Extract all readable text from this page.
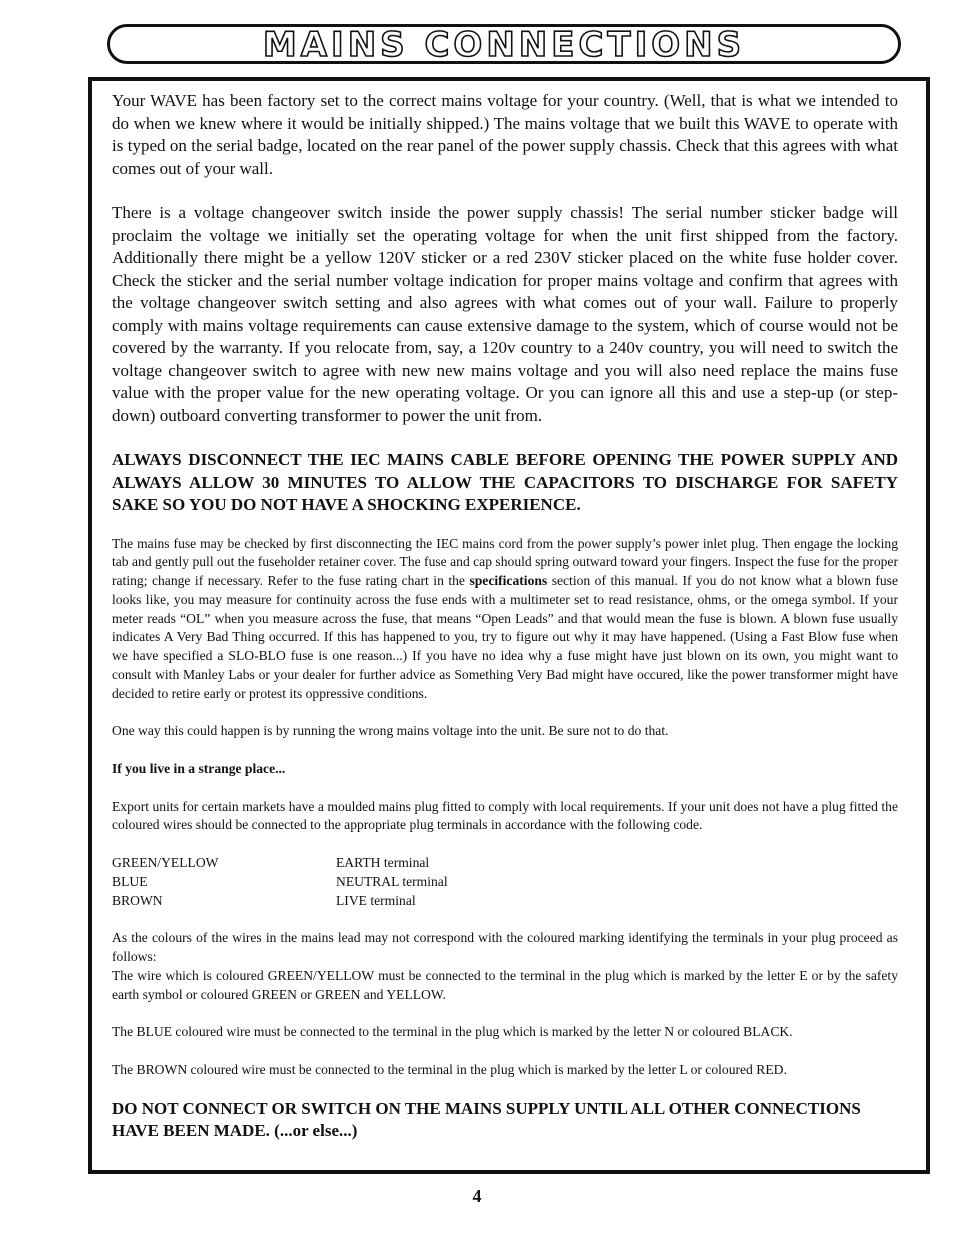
MAINS CONNECTIONS

Your WAVE has been factory set to the correct mains voltage for your country. (Well, that is what we intended to do when we knew where it would be initially shipped.) The mains voltage that we built this WAVE to operate with is typed on the serial badge, located on the rear panel of the power supply chassis. Check that this agrees with what comes out of your wall.

There is a voltage changeover switch inside the power supply chassis! The serial number sticker badge will proclaim the voltage we initially set the operating voltage for when the unit first shipped from the factory. Additionally there might be a yellow 120V sticker or a red 230V sticker placed on the white fuse holder cover. Check the sticker and the serial number voltage indication for proper mains voltage and confirm that agrees with the voltage changeover switch setting and also agrees with what comes out of your wall. Failure to properly comply with mains voltage requirements can cause extensive damage to the system, which of course would not be covered by the warranty. If you relocate from, say, a 120v country to a 240v country, you will need to switch the voltage changeover switch to agree with new new mains voltage and you will also need replace the mains fuse value with the proper value for the new operating voltage. Or you can ignore all this and use a step-up (or step-down) outboard converting transformer to power the unit from.

ALWAYS DISCONNECT THE IEC MAINS CABLE BEFORE OPENING THE POWER SUPPLY AND ALWAYS ALLOW 30 MINUTES TO ALLOW THE CAPACITORS TO DISCHARGE FOR SAFETY SAKE SO YOU DO NOT HAVE A SHOCKING EXPERIENCE.

The mains fuse may be checked by first disconnecting the IEC mains cord from the power supply’s power inlet plug. Then engage the locking tab and gently pull out the fuseholder retainer cover. The fuse and cap should spring outward toward your fingers. Inspect the fuse for the proper rating; change if necessary. Refer to the fuse rating chart in the specifications section of this manual. If you do not know what a blown fuse looks like, you may measure for continuity across the fuse ends with a multimeter set to read resistance, ohms, or the omega symbol. If your meter reads “OL” when you measure across the fuse, that means “Open Leads” and that would mean the fuse is blown. A blown fuse usually indicates A Very Bad Thing occurred. If this has happened to you, try to figure out why it may have happened. (Using a Fast Blow fuse when we have specified a SLO-BLO fuse is one reason...) If you have no idea why a fuse might have just blown on its own, you might want to consult with Manley Labs or your dealer for further advice as Something Very Bad might have occured, like the power transformer might have decided to retire early or protest its oppressive conditions.

One way this could happen is by running the wrong mains voltage into the unit. Be sure not to do that.

If you live in a strange place...

Export units for certain markets have a moulded mains plug fitted to comply with local requirements. If your unit does not have a plug fitted the coloured wires should be connected to the appropriate plug terminals in accordance with the following code.

GREEN/YELLOW	EARTH terminal
BLUE	NEUTRAL terminal
BROWN	LIVE terminal

As the colours of the wires in the mains lead may not correspond with the coloured marking identifying the terminals in your plug proceed as follows:

The wire which is coloured GREEN/YELLOW must be connected to the terminal in the plug which is marked by the letter E or by the safety earth symbol or coloured GREEN or GREEN and YELLOW.

The BLUE coloured wire must be connected to the terminal in the plug which is marked by the letter N or coloured BLACK.

The BROWN coloured wire must be connected to the terminal in the plug which is marked by the letter L or coloured RED.

DO NOT CONNECT OR SWITCH ON THE MAINS SUPPLY UNTIL ALL OTHER CONNECTIONS HAVE BEEN MADE. (...or else...)

4
